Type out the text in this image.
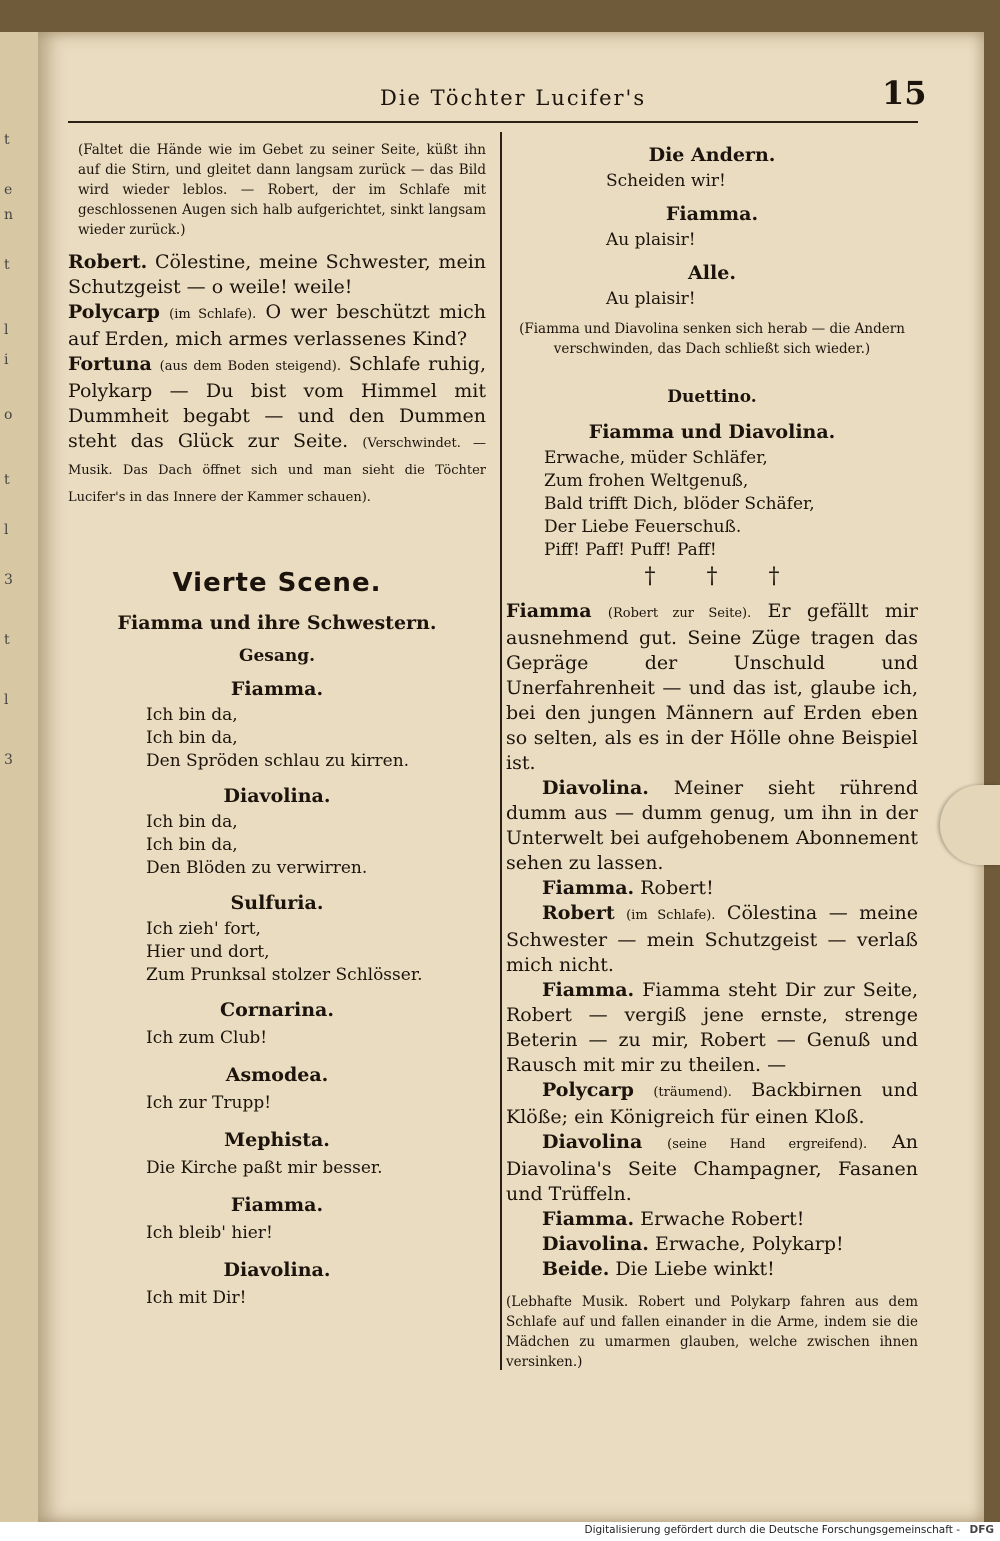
t
e
n
t
l
i
o
t
l
3
t
l
3
Die Töchter Lucifer's	15

(Faltet die Hände wie im Gebet zu seiner Seite, küßt ihn auf die Stirn, und gleitet dann langsam zurück — das Bild wird wieder leblos. — Robert, der im Schlafe mit geschlossenen Augen sich halb aufgerichtet, sinkt langsam wieder zurück.)

Robert. Cölestine, meine Schwester, mein Schutzgeist — o weile! weile!

Polycarp (im Schlafe). O wer beschützt mich auf Erden, mich armes verlassenes Kind?

Fortuna (aus dem Boden steigend). Schlafe ruhig, Polykarp — Du bist vom Himmel mit Dummheit begabt — und den Dummen steht das Glück zur Seite. (Verschwindet. — Musik. Das Dach öffnet sich und man sieht die Töchter Lucifer's in das Innere der Kammer schauen).

Vierte Scene.

Fiamma und ihre Schwestern.

Gesang.

Fiamma.

Ich bin da,

Ich bin da,

Den Spröden schlau zu kirren.

Diavolina.

Ich bin da,

Ich bin da,

Den Blöden zu verwirren.

Sulfuria.

Ich zieh' fort,

Hier und dort,

Zum Prunksal stolzer Schlösser.

Cornarina.

Ich zum Club!

Asmodea.

Ich zur Trupp!

Mephista.

Die Kirche paßt mir besser.

Fiamma.

Ich bleib' hier!

Diavolina.

Ich mit Dir!

Die Andern.

Scheiden wir!

Fiamma.

Au plaisir!

Alle.

Au plaisir!

(Fiamma und Diavolina senken sich herab — die Andern verschwinden, das Dach schließt sich wieder.)

Duettino.

Fiamma und Diavolina.

Erwache, müder Schläfer,

Zum frohen Weltgenuß,

Bald trifft Dich, blöder Schäfer,

Der Liebe Feuerschuß.

Piff! Paff! Puff! Paff!

† † †

Fiamma (Robert zur Seite). Er gefällt mir ausnehmend gut. Seine Züge tragen das Gepräge der Unschuld und Unerfahrenheit — und das ist, glaube ich, bei den jungen Männern auf Erden eben so selten, als es in der Hölle ohne Beispiel ist.

Diavolina. Meiner sieht rührend dumm aus — dumm genug, um ihn in der Unterwelt bei aufgehobenem Abonnement sehen zu lassen.

Fiamma. Robert!

Robert (im Schlafe). Cölestina — meine Schwester — mein Schutzgeist — verlaß mich nicht.

Fiamma. Fiamma steht Dir zur Seite, Robert — vergiß jene ernste, strenge Beterin — zu mir, Robert — Genuß und Rausch mit mir zu theilen. —

Polycarp (träumend). Backbirnen und Klöße; ein Königreich für einen Kloß.

Diavolina (seine Hand ergreifend). An Diavolina's Seite Champagner, Fasanen und Trüffeln.

Fiamma. Erwache Robert!

Diavolina. Erwache, Polykarp!

Beide. Die Liebe winkt!

(Lebhafte Musik. Robert und Polykarp fahren aus dem Schlafe auf und fallen einander in die Arme, indem sie die Mädchen zu umarmen glauben, welche zwischen ihnen versinken.)

Digitalisierung gefördert durch die Deutsche Forschungsgemeinschaft - DFG
